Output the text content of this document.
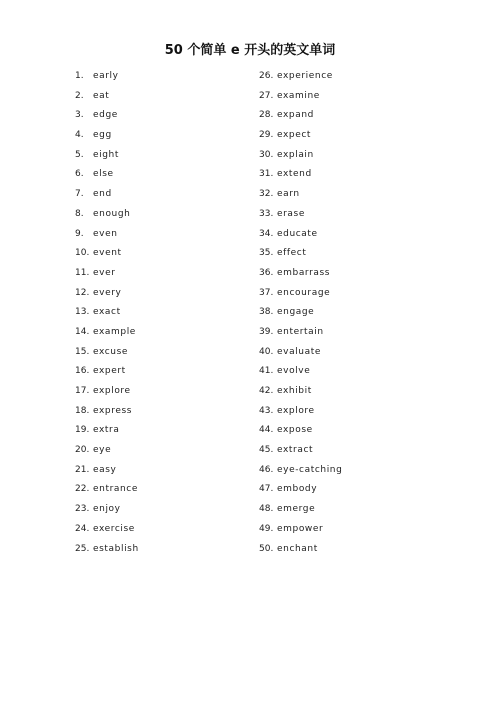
50 个简单 e 开头的英文单词
1. early
2. eat
3. edge
4. egg
5. eight
6. else
7. end
8. enough
9. even
10. event
11. ever
12. every
13. exact
14. example
15. excuse
16. expert
17. explore
18. express
19. extra
20. eye
21. easy
22. entrance
23. enjoy
24. exercise
25. establish
26. experience
27. examine
28. expand
29. expect
30. explain
31. extend
32. earn
33. erase
34. educate
35. effect
36. embarrass
37. encourage
38. engage
39. entertain
40. evaluate
41. evolve
42. exhibit
43. explore
44. expose
45. extract
46. eye-catching
47. embody
48. emerge
49. empower
50. enchant
